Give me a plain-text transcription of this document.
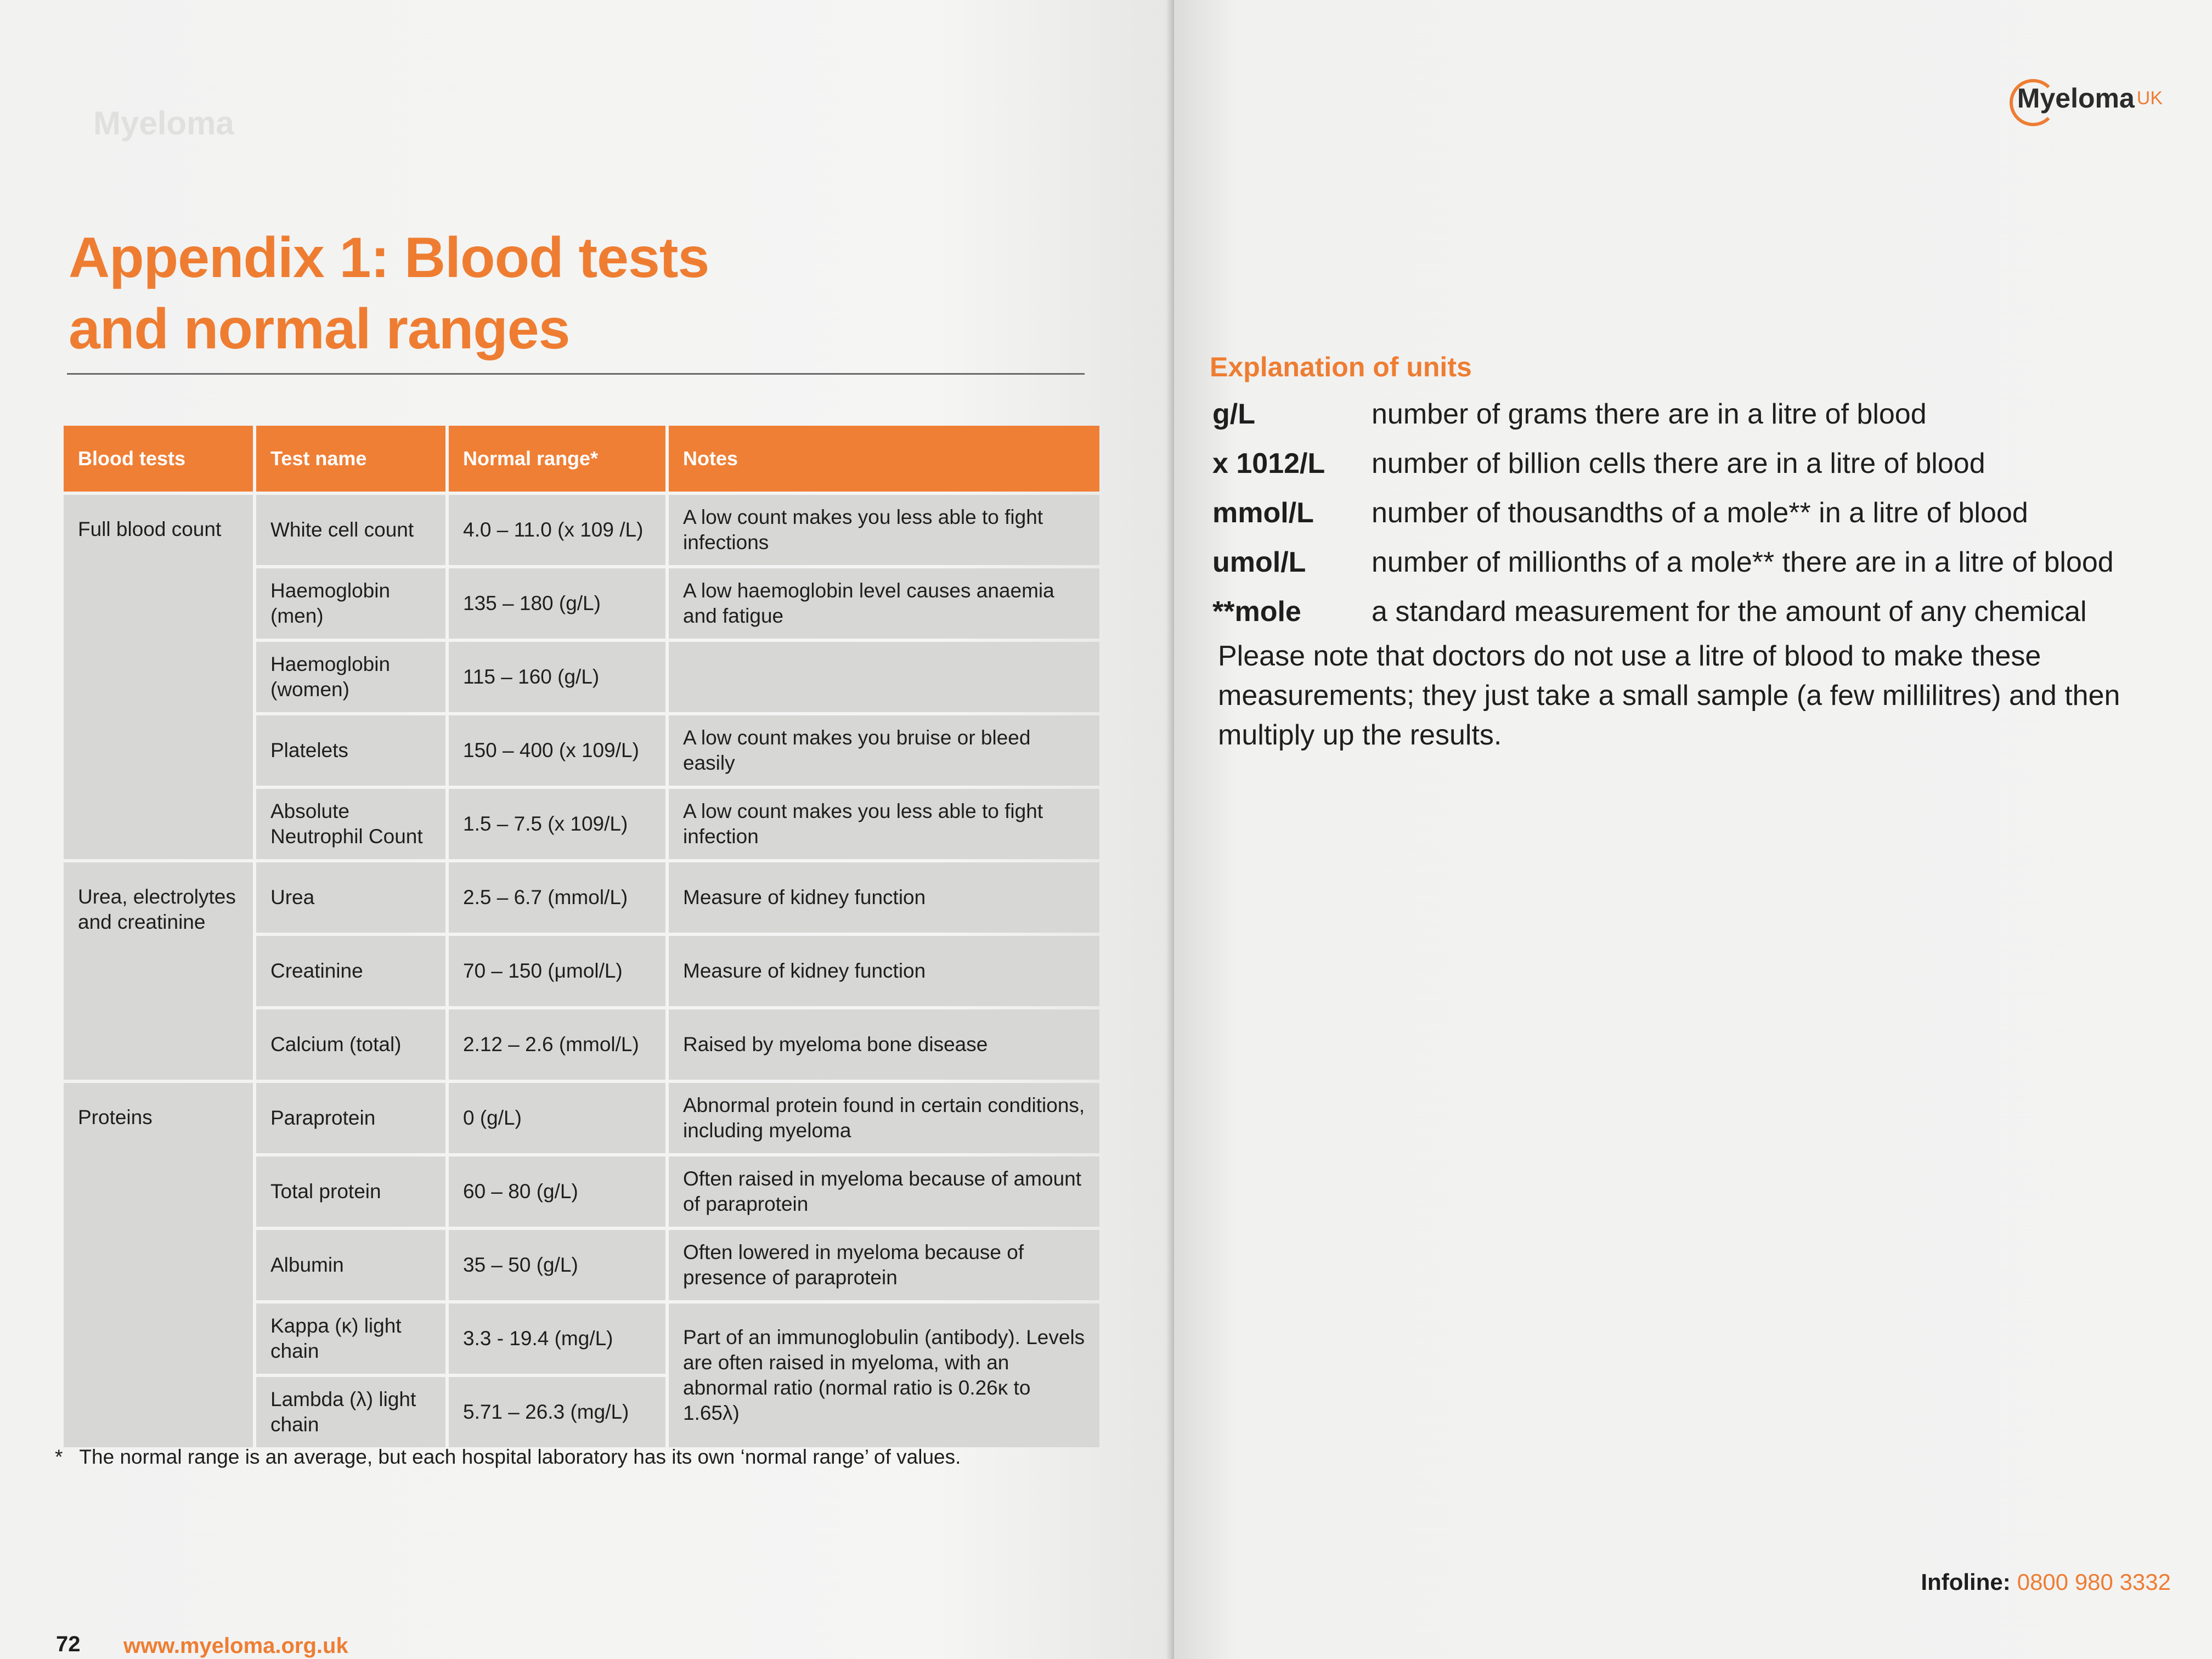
Myeloma
Appendix 1: Blood tests
and normal ranges
Blood tests	Test name	Normal range*	Notes
Full blood count	White cell count	4.0 – 11.0 (x 109 /L)	A low count makes you less able to fight infections
	Haemoglobin (men)	135 – 180 (g/L)	A low haemoglobin level causes anaemia and fatigue
	Haemoglobin (women)	115 – 160 (g/L)	
	Platelets	150 – 400 (x 109/L)	A low count makes you bruise or bleed easily
	Absolute Neutrophil Count	1.5 – 7.5 (x 109/L)	A low count makes you less able to fight infection
Urea, electrolytes and creatinine	Urea	2.5 – 6.7 (mmol/L)	Measure of kidney function
	Creatinine	70 – 150 (μmol/L)	Measure of kidney function
	Calcium (total)	2.12 – 2.6 (mmol/L)	Raised by myeloma bone disease
Proteins	Paraprotein	0 (g/L)	Abnormal protein found in certain conditions, including myeloma
	Total protein	60 – 80 (g/L)	Often raised in myeloma because of amount of paraprotein
	Albumin	35 – 50 (g/L)	Often lowered in myeloma because of presence of paraprotein
	Kappa (κ) light chain	3.3 - 19.4 (mg/L)	Part of an immunoglobulin (antibody). Levels are often raised in myeloma, with an abnormal ratio (normal ratio is 0.26κ to 1.65λ)
	Lambda (λ) light chain	5.71 – 26.3 (mg/L)	
* The normal range is an average, but each hospital laboratory has its own ‘normal range’ of values.
72 www.myeloma.org.uk
Myeloma UK
Explanation of units
g/L	number of grams there are in a litre of blood
x 1012/L	number of billion cells there are in a litre of blood
mmol/L	number of thousandths of a mole** in a litre of blood
umol/L	number of millionths of a mole** there are in a litre of blood
**mole	a standard measurement for the amount of any chemical
Please note that doctors do not use a litre of blood to make these measurements; they just take a small sample (a few millilitres) and then multiply up the results.
Infoline: 0800 980 3332
